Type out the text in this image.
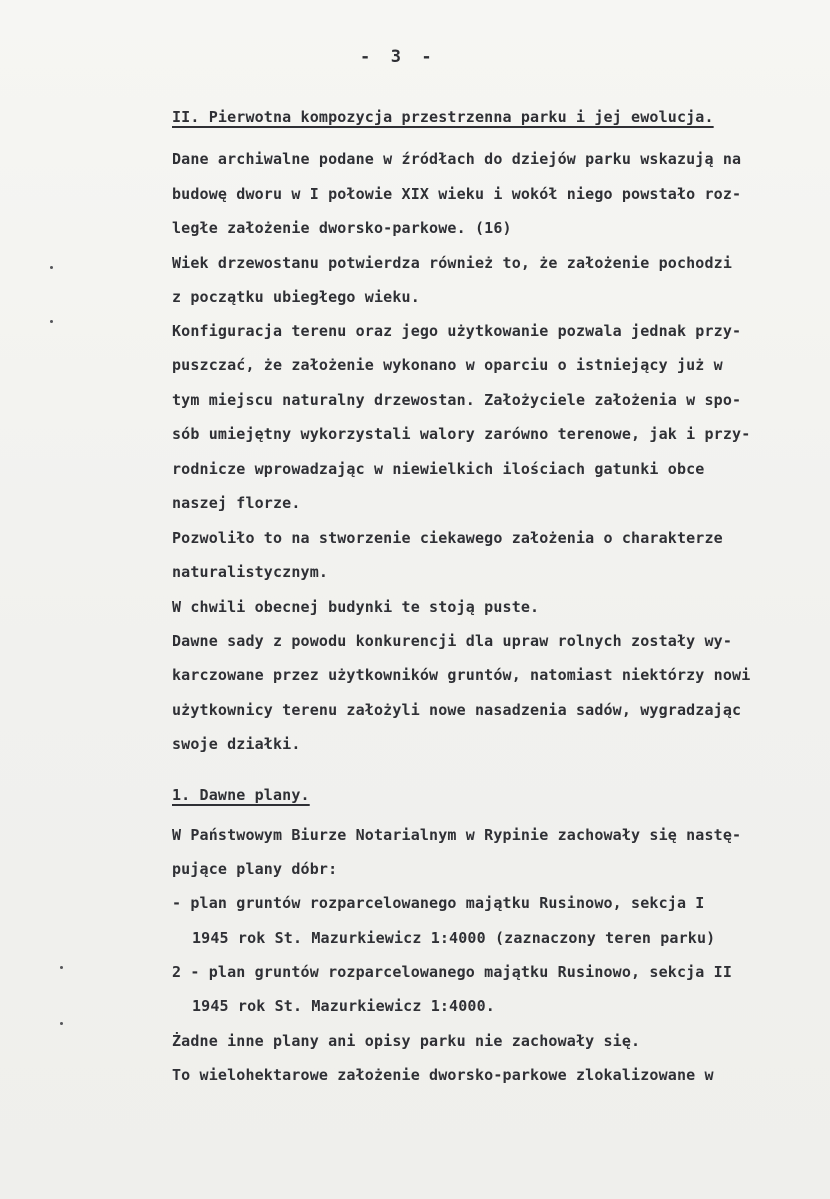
-  3  -
II. Pierwotna kompozycja przestrzenna parku i jej ewolucja.
Dane archiwalne podane w źródłach do dziejów parku wskazują na
budowę dworu w I połowie XIX wieku i wokół niego powstało roz-
ległe założenie dworsko-parkowe. (16)
Wiek drzewostanu potwierdza również to, że założenie pochodzi
z początku ubiegłego wieku.
Konfiguracja terenu oraz jego użytkowanie pozwala jednak przy-
puszczać, że założenie wykonano w oparciu o istniejący już w
tym miejscu naturalny drzewostan. Założyciele założenia w spo-
sób umiejętny wykorzystali walory zarówno terenowe, jak i przy-
rodnicze wprowadzając w niewielkich ilościach gatunki obce
naszej florze.
Pozwoliło to na stworzenie ciekawego założenia o charakterze
naturalistycznym.
W chwili obecnej budynki te stoją puste.
Dawne sady z powodu konkurencji dla upraw rolnych zostały wy-
karczowane przez użytkowników gruntów, natomiast niektórzy nowi
użytkownicy terenu założyli nowe nasadzenia sadów, wygradzając
swoje działki.
1. Dawne plany.
W Państwowym Biurze Notarialnym w Rypinie zachowały się nastę-
pujące plany dóbr:
- plan gruntów rozparcelowanego majątku Rusinowo, sekcja I
1945 rok St. Mazurkiewicz 1:4000 (zaznaczony teren parku)
2 - plan gruntów rozparcelowanego majątku Rusinowo, sekcja II
1945 rok St. Mazurkiewicz 1:4000.
Żadne inne plany ani opisy parku nie zachowały się.
To wielohektarowe założenie dworsko-parkowe zlokalizowane w
